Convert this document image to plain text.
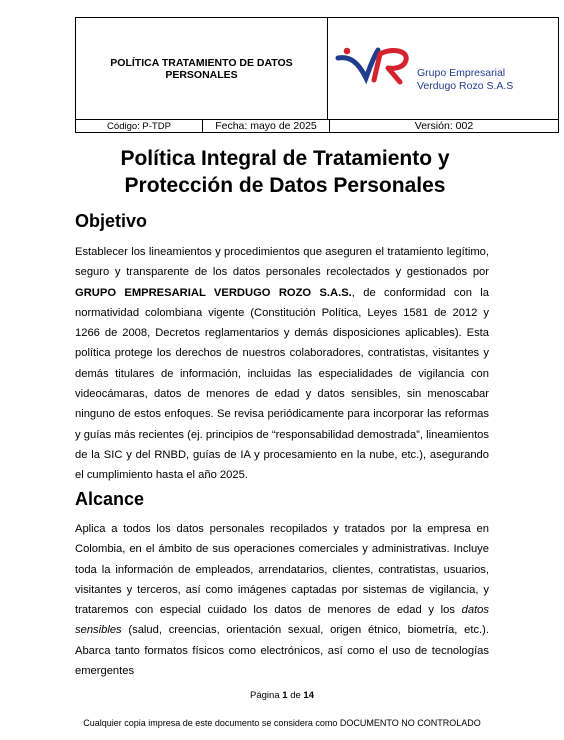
POLÍTICA TRATAMIENTO DE DATOS PERSONALES	Grupo Empresarial
Verdugo Rozo S.A.S
Código: P-TDP	Fecha: mayo de 2025	Versión: 002
Política Integral de Tratamiento y Protección de Datos Personales
Objetivo

Establecer los lineamientos y procedimientos que aseguren el tratamiento legítimo, seguro y transparente de los datos personales recolectados y gestionados por GRUPO EMPRESARIAL VERDUGO ROZO S.A.S., de conformidad con la normatividad colombiana vigente (Constitución Política, Leyes 1581 de 2012 y 1266 de 2008, Decretos reglamentarios y demás disposiciones aplicables). Esta política protege los derechos de nuestros colaboradores, contratistas, visitantes y demás titulares de información, incluidas las especialidades de vigilancia con videocámaras, datos de menores de edad y datos sensibles, sin menoscabar ninguno de estos enfoques. Se revisa periódicamente para incorporar las reformas y guías más recientes (ej. principios de “responsabilidad demostrada”, lineamientos de la SIC y del RNBD, guías de IA y procesamiento en la nube, etc.), asegurando el cumplimiento hasta el año 2025.

Alcance

Aplica a todos los datos personales recopilados y tratados por la empresa en Colombia, en el ámbito de sus operaciones comerciales y administrativas. Incluye toda la información de empleados, arrendatarios, clientes, contratistas, usuarios, visitantes y terceros, así como imágenes captadas por sistemas de vigilancia, y trataremos con especial cuidado los datos de menores de edad y los datos sensibles (salud, creencias, orientación sexual, origen étnico, biometría, etc.). Abarca tanto formatos físicos como electrónicos, así como el uso de tecnologías emergentes

Página 1 de 14
Cualquier copia impresa de este documento se considera como DOCUMENTO NO CONTROLADO
